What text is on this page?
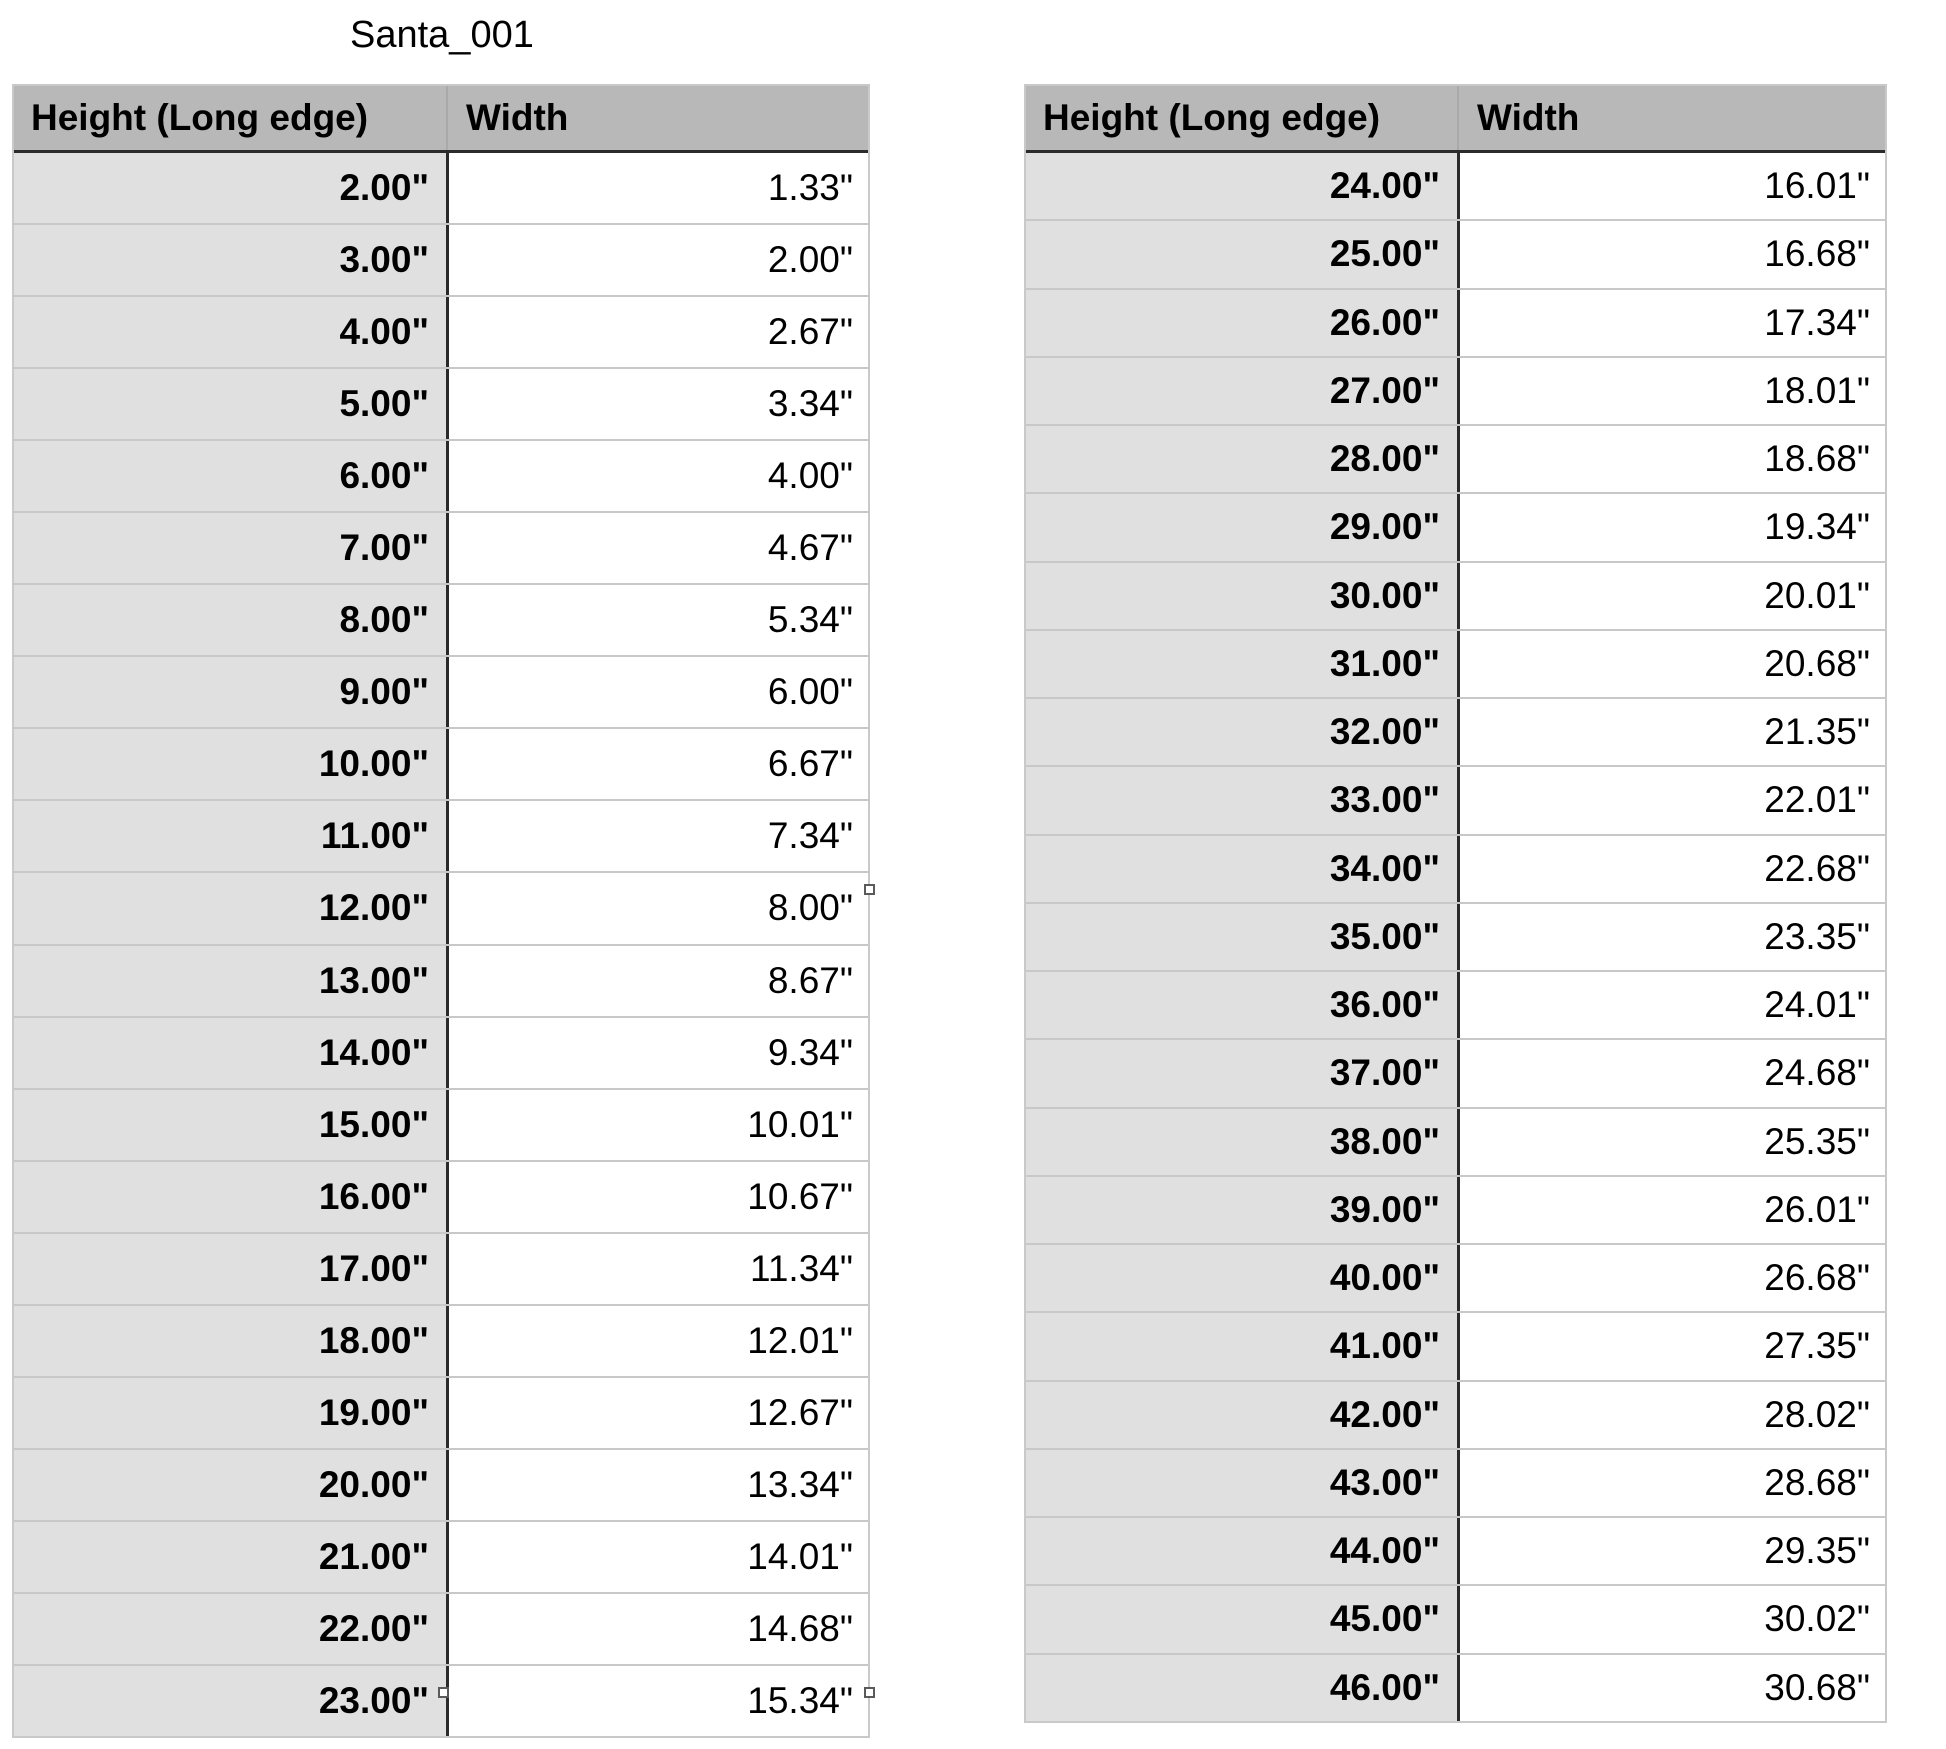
Santa_001
Height (Long edge)	Width
2.00"	1.33"
3.00"	2.00"
4.00"	2.67"
5.00"	3.34"
6.00"	4.00"
7.00"	4.67"
8.00"	5.34"
9.00"	6.00"
10.00"	6.67"
11.00"	7.34"
12.00"	8.00"
13.00"	8.67"
14.00"	9.34"
15.00"	10.01"
16.00"	10.67"
17.00"	11.34"
18.00"	12.01"
19.00"	12.67"
20.00"	13.34"
21.00"	14.01"
22.00"	14.68"
23.00"	15.34"
Height (Long edge)	Width
24.00"	16.01"
25.00"	16.68"
26.00"	17.34"
27.00"	18.01"
28.00"	18.68"
29.00"	19.34"
30.00"	20.01"
31.00"	20.68"
32.00"	21.35"
33.00"	22.01"
34.00"	22.68"
35.00"	23.35"
36.00"	24.01"
37.00"	24.68"
38.00"	25.35"
39.00"	26.01"
40.00"	26.68"
41.00"	27.35"
42.00"	28.02"
43.00"	28.68"
44.00"	29.35"
45.00"	30.02"
46.00"	30.68"
